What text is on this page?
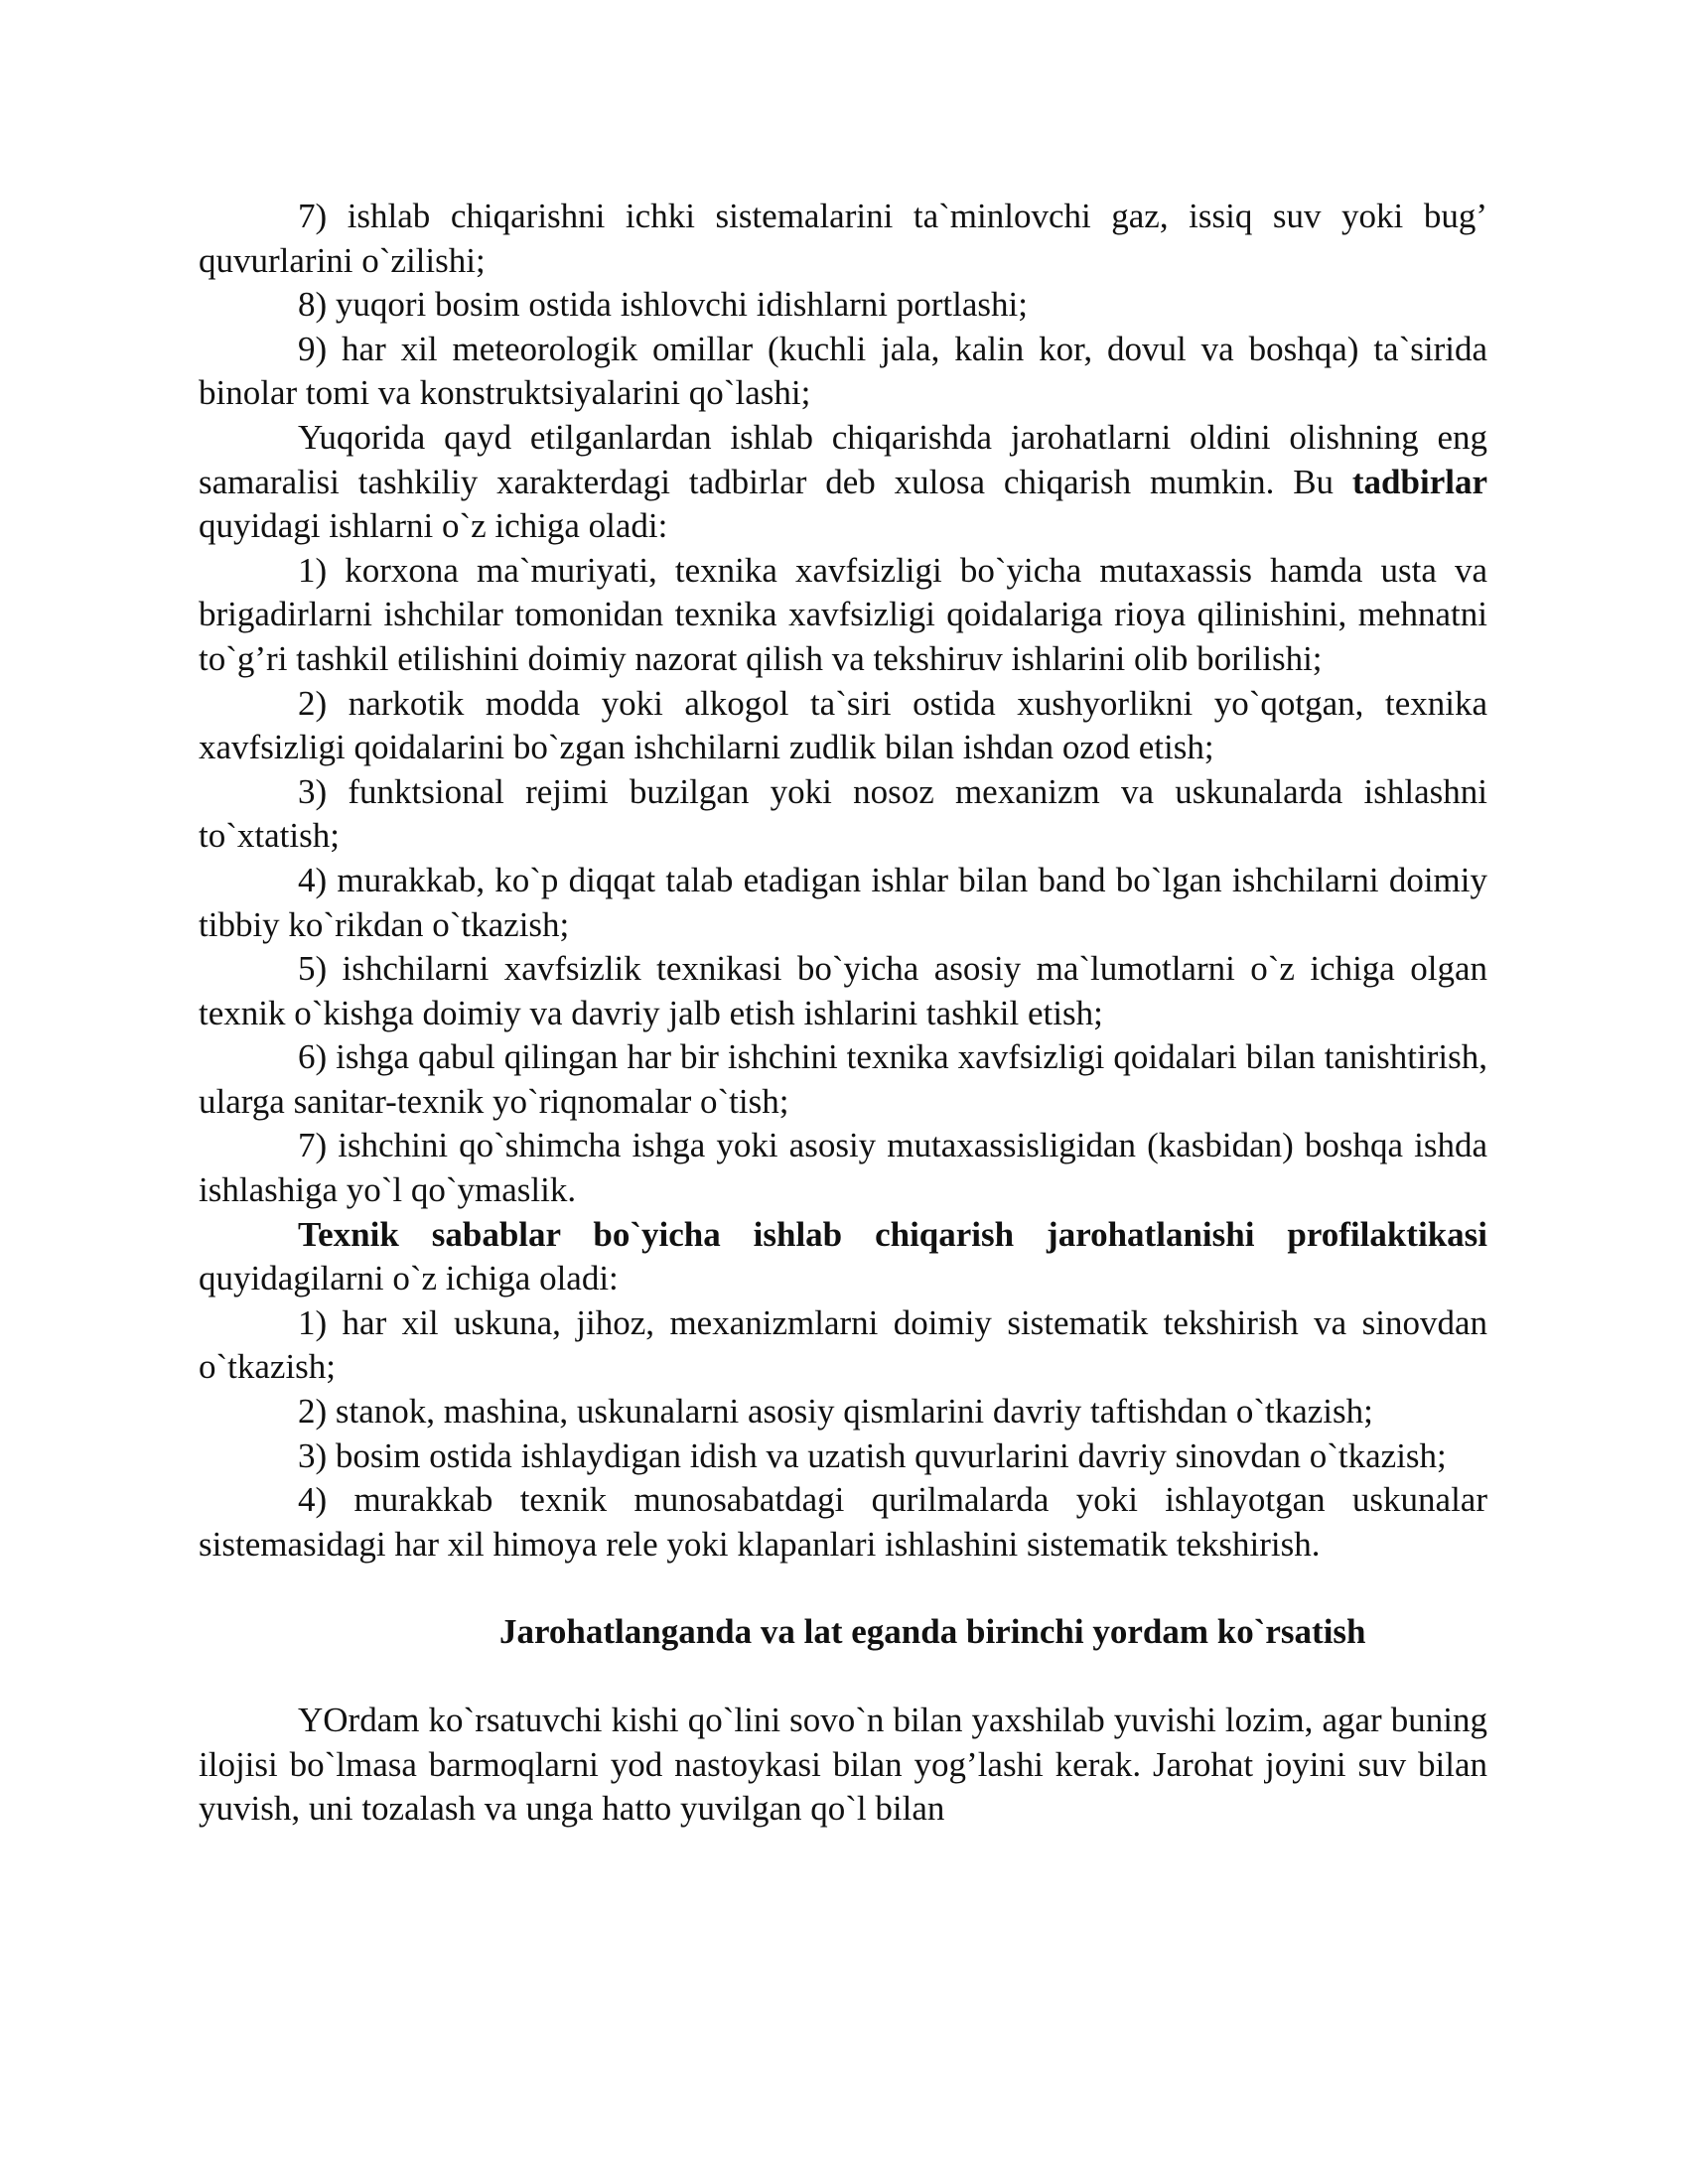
7) ishlab chiqarishni ichki sistemalarini ta`minlovchi gaz, issiq suv yoki bug’ quvurlarini o`zilishi;

8) yuqori bosim ostida ishlovchi idishlarni portlashi;

9) har xil meteorologik omillar (kuchli jala, kalin kor, dovul va boshqa) ta`sirida binolar tomi va konstruktsiyalarini qo`lashi;

Yuqorida qayd etilganlardan ishlab chiqarishda jarohatlarni oldini olishning eng samaralisi tashkiliy xarakterdagi tadbirlar deb xulosa chiqarish mumkin. Bu tadbirlar quyidagi ishlarni o`z ichiga oladi:

1) korxona ma`muriyati, texnika xavfsizligi bo`yicha mutaxassis hamda usta va brigadirlarni ishchilar tomonidan texnika xavfsizligi qoidalariga rioya qilinishini, mehnatni to`g’ri tashkil etilishini doimiy nazorat qilish va tekshiruv ishlarini olib borilishi;

2) narkotik modda yoki alkogol ta`siri ostida xushyorlikni yo`qotgan, texnika xavfsizligi qoidalarini bo`zgan ishchilarni zudlik bilan ishdan ozod etish;

3) funktsional rejimi buzilgan yoki nosoz mexanizm va uskunalarda ishlashni to`xtatish;

4) murakkab, ko`p diqqat talab etadigan ishlar bilan band bo`lgan ishchilarni doimiy tibbiy ko`rikdan o`tkazish;

5) ishchilarni xavfsizlik texnikasi bo`yicha asosiy ma`lumotlarni o`z ichiga olgan texnik o`kishga doimiy va davriy jalb etish ishlarini tashkil etish;

6) ishga qabul qilingan har bir ishchini texnika xavfsizligi qoidalari bilan tanishtirish, ularga sanitar-texnik yo`riqnomalar o`tish;

7) ishchini qo`shimcha ishga yoki asosiy mutaxassisligidan (kasbidan) boshqa ishda ishlashiga yo`l qo`ymaslik.

Texnik sabablar bo`yicha ishlab chiqarish jarohatlanishi profilaktikasi quyidagilarni o`z ichiga oladi:

1) har xil uskuna, jihoz, mexanizmlarni doimiy sistematik tekshirish va sinovdan o`tkazish;

2) stanok, mashina, uskunalarni asosiy qismlarini davriy taftishdan o`tkazish;

3) bosim ostida ishlaydigan idish va uzatish quvurlarini davriy sinovdan o`tkazish;

4) murakkab texnik munosabatdagi qurilmalarda yoki ishlayotgan uskunalar sistemasidagi har xil himoya rele yoki klapanlari ishlashini sistematik tekshirish.

Jarohatlanganda va lat eganda birinchi yordam ko`rsatish

YOrdam ko`rsatuvchi kishi qo`lini sovo`n bilan yaxshilab yuvishi lozim, agar buning ilojisi bo`lmasa barmoqlarni yod nastoykasi bilan yog’lashi kerak. Jarohat joyini suv bilan yuvish, uni tozalash va unga hatto yuvilgan qo`l bilan
